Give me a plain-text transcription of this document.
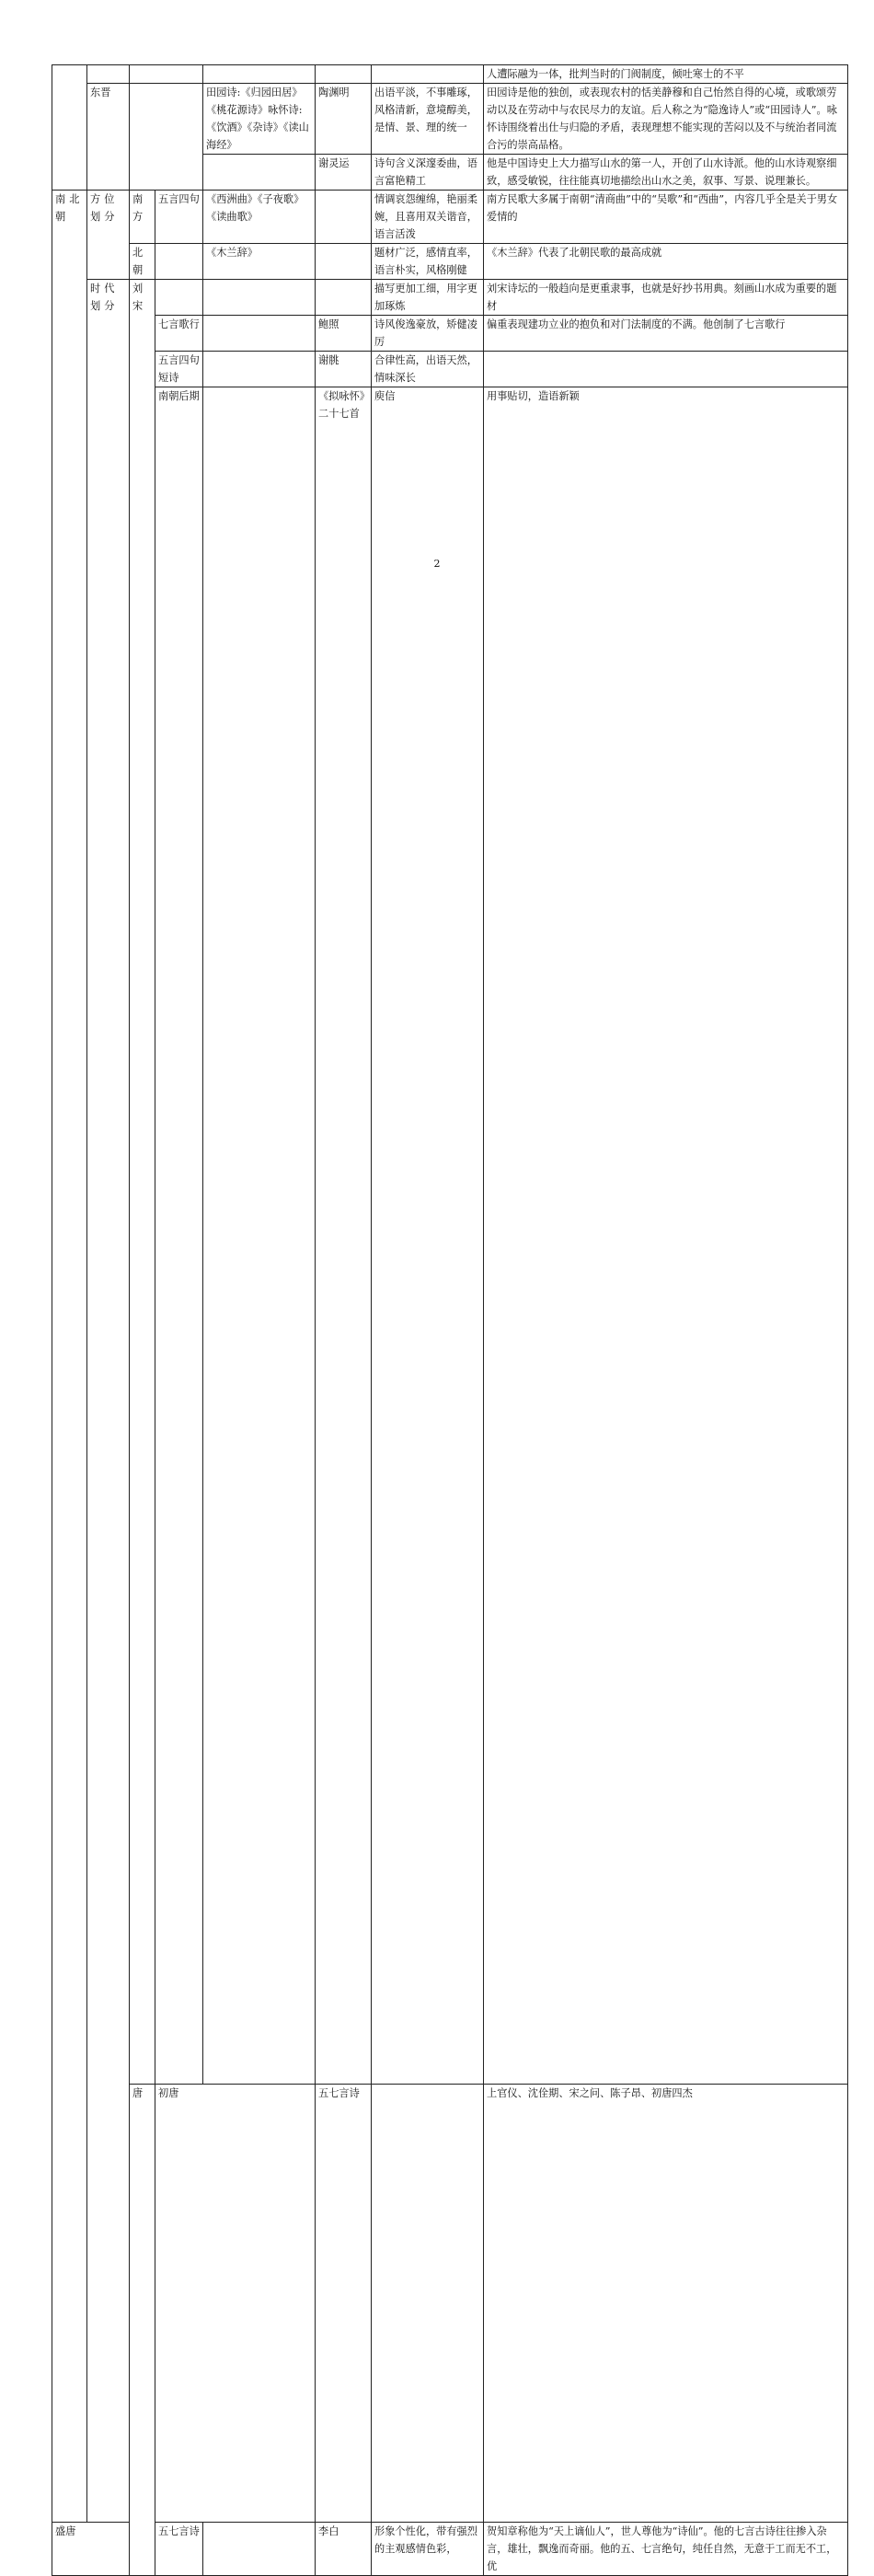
							人遭际融为一体，批判当时的门阀制度，倾吐寒士的不平	
	东晋			田园诗:《归园田居》《桃花源诗》咏怀诗:《饮酒》《杂诗》《读山海经》	陶渊明	出语平淡，不事雕琢，风格清新，意境醇美，是情、景、理的统一	田园诗是他的独创，或表现农村的恬美静穆和自己怡然自得的心境，或歌颂劳动以及在劳动中与农民尽力的友谊。后人称之为“隐逸诗人”或“田园诗人”。咏怀诗围绕着出仕与归隐的矛盾，表现理想不能实现的苦闷以及不与统治者同流合污的崇高品格。	
					谢灵运	诗句含义深邃委曲，语言富艳精工	他是中国诗史上大力描写山水的第一人，开创了山水诗派。他的山水诗观察细致，感受敏锐，往往能真切地描绘出山水之美，叙事、写景、说理兼长。	
南北朝	方位划分	南方	五言四句	《西洲曲》《子夜歌》《读曲歌》		情调哀怨缠绵，艳丽柔婉，且喜用双关谐音，语言活泼	南方民歌大多属于南朝“清商曲”中的“吴歌”和“西曲”，内容几乎全是关于男女爱情的	
		北朝		《木兰辞》		题材广泛，感情直率，语言朴实，风格刚健	《木兰辞》代表了北朝民歌的最高成就	
	时代划分	刘宋				描写更加工细，用字更加琢炼	刘宋诗坛的一般趋向是更重隶事，也就是好抄书用典。刻画山水成为重要的题材	
			七言歌行		鲍照	诗风俊逸豪放，矫健凌厉	偏重表现建功立业的抱负和对门法制度的不满。他创制了七言歌行	
			五言四句短诗		谢朓	合律性高，出语天然，情味深长		
			南朝后期		《拟咏怀》二十七首	庾信	用事贴切，造语新颖	
		唐	初唐		五七言诗		上官仪、沈佺期、宋之问、陈子昂、初唐四杰		

盛唐			五七言诗		李白	形象个性化，带有强烈的主观感情色彩，	贺知章称他为“天上谪仙人”，世人尊他为“诗仙”。他的七言古诗往往掺入杂言，雄壮，飘逸而奇丽。他的五、七言绝句，纯任自然，无意于工而无不工，优	
2
